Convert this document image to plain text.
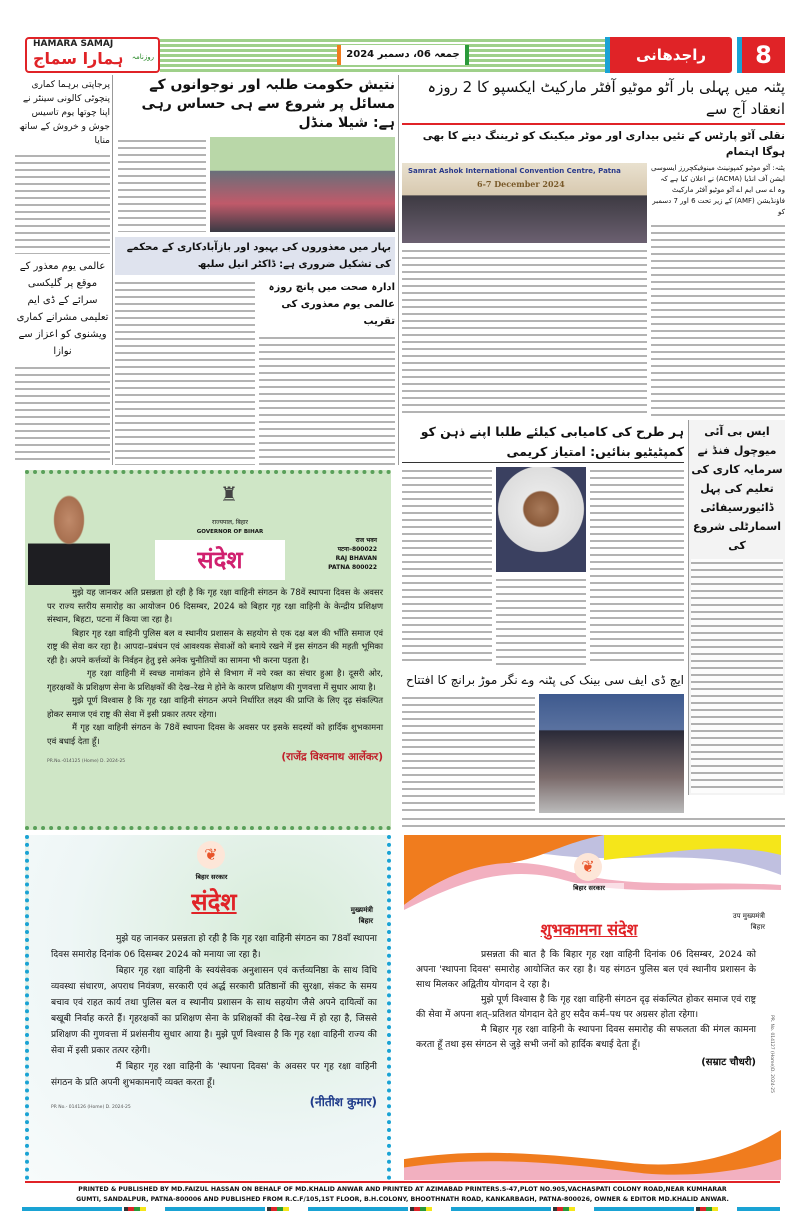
HAMARA SAMAJ
ہمارا سماج روزنامہ	جمعہ 06، دسمبر 2024	راجدھانی	8
پرجاپتی برہما کماری پنچوٹی کالونی سینٹر نے اپنا چوتھا یوم تاسیس جوش و خروش کے ساتھ منایا
عالمی یوم معذور کے موقع پر گلیکسی سرائے کے ڈی ایم تعلیمی مشرانے کماری ویشنوی کو اعزاز سے نوازا
نتیش حکومت طلبہ اور نوجوانوں کے مسائل پر شروع سے ہی حساس رہی ہے: شیلا منڈل
بہار میں معذوروں کی بہبود اور بازآبادکاری کے محکمے کی تشکیل ضروری ہے: ڈاکٹر انیل سلبھ
ادارہ صحت میں پانچ روزہ عالمی یوم معذوری کی تقریب
پٹنہ میں پہلی بار آٹو موٹیو آفٹر مارکیٹ ایکسپو کا 2 روزہ انعقاد آج سے
نقلی آٹو پارٹس کے تئیں بیداری اور موٹر میکینک کو ٹریننگ دینے کا بھی ہوگا اہتمام
Samrat Ashok International Convention Centre, Patna
6-7 December 2024
پٹنہ: آٹو موٹیو کمپونینٹ مینوفیکچررز ایسوسی ایشن آف انڈیا (ACMA) نے اعلان کیا ہے کہ وہ اے سی ایم اے آٹو موٹیو آفٹر مارکیٹ فاؤنڈیشن (AMF) کے زیر تحت 6 اور 7 دسمبر کو
ہر طرح کی کامیابی کیلئے طلبا اپنے ذہن کو کمپٹیٹیو بنائیں: امتیاز کریمی
ایس بی آئی میوچول فنڈ نے سرمایہ کاری کی تعلیم کی پہل ڈائیورسیفائی اسمارٹلی شروع کی
ایچ ڈی ایف سی بینک کی پٹنہ وے نگر موڑ برانچ کا افتتاح
♜
राज्यपाल, बिहार
GOVERNOR OF BIHAR
संदेश
राज भवन
पटना–800022
RAJ BHAVAN
PATNA 800022

मुझे यह जानकर अति प्रसन्नता हो रही है कि गृह रक्षा वाहिनी संगठन के 78वें स्थापना दिवस के अवसर पर राज्य स्तरीय समारोह का आयोजन 06 दिसम्बर, 2024 को बिहार गृह रक्षा वाहिनी के केन्द्रीय प्रशिक्षण संस्थान, बिहटा, पटना में किया जा रहा है।

बिहार गृह रक्षा वाहिनी पुलिस बल व स्थानीय प्रशासन के सहयोग से एक दक्ष बल की भाँति समाज एवं राष्ट्र की सेवा कर रहा है। आपदा–प्रबंधन एवं आवश्यक सेवाओं को बनाये रखने में इस संगठन की महती भूमिका रही है। अपने कर्त्तव्यों के निर्वहन हेतु इसे अनेक चुनौतियों का सामना भी करना पड़ता है।

गृह रक्षा वाहिनी में स्वच्छ नामांकन होने से विभाग में नये रक्त का संचार हुआ है। दूसरी ओर, गृहरक्षकों के प्रशिक्षण सेना के प्रशिक्षकों की देख–रेख मे होने के कारण प्रशिक्षण की गुणवत्ता में सुधार आया है।

मुझे पूर्ण विश्वास है कि गृह रक्षा वाहिनी संगठन अपने निर्धारित लक्ष्य की प्राप्ति के लिए दृढ़ संकल्पित होकर समाज एवं राष्ट्र की सेवा में इसी प्रकार तत्पर रहेगा।

मैं गृह रक्षा वाहिनी संगठन के 78वें स्थापना दिवस के अवसर पर इसके सदस्यों को हार्दिक शुभकामना एवं बधाई देता हूँ।

PR.No.-014125 (Home) D. 2024-25	(राजेंद्र विश्वनाथ आर्लेकर)
❦
बिहार सरकार
संदेश	मुख्यमंत्री
बिहार

मुझे यह जानकर प्रसन्नता हो रही है कि गृह रक्षा वाहिनी संगठन का 78वाँ स्थापना दिवस समारोह दिनांक 06 दिसम्बर 2024 को मनाया जा रहा है।

बिहार गृह रक्षा वाहिनी के स्वयंसेवक अनुशासन एवं कर्त्तव्यनिष्ठा के साथ विधि व्यवस्था संधारण, अपराध नियंत्रण, सरकारी एवं अर्द्ध सरकारी प्रतिष्ठानों की सुरक्षा, संकट के समय बचाव एवं राहत कार्य तथा पुलिस बल व स्थानीय प्रशासन के साथ सहयोग जैसे अपने दायित्वों का बखूबी निर्वाह करते हैं। गृहरक्षकों का प्रशिक्षण सेना के प्रशिक्षकों की देख–रेख में हो रहा है, जिससे प्रशिक्षण की गुणवत्ता में प्रशंसनीय सुधार आया है। मुझे पूर्ण विश्वास है कि गृह रक्षा वाहिनी राज्य की सेवा में इसी प्रकार तत्पर रहेगी।

मैं बिहार गृह रक्षा वाहिनी के 'स्थापना दिवस' के अवसर पर गृह रक्षा वाहिनी संगठन के प्रति अपनी शुभकामनाएँ व्यक्त करता हूँ।

PR No.- 014126 (Home) D. 2024-25	(नीतीश कुमार)
❦
बिहार सरकार
शुभकामना संदेश
उप मुख्यमंत्री
बिहार

प्रसन्नता की बात है कि बिहार गृह रक्षा वाहिनी दिनांक 06 दिसम्बर, 2024 को अपना 'स्थापना दिवस' समारोह आयोजित कर रहा है। यह संगठन पुलिस बल एवं स्थानीय प्रशासन के साथ मिलकर अद्वितीय योगदान दे रहा है।

मुझे पूर्ण विश्वास है कि गृह रक्षा वाहिनी संगठन दृढ़ संकल्पित होकर समाज एवं राष्ट्र की सेवा में अपना शत्–प्रतिशत योगदान देते हुए सदैव कर्म–पथ पर अग्रसर होता रहेगा।

मै बिहार गृह रक्षा वाहिनी के स्थापना दिवस समारोह की सफलता की मंगल कामना करता हूँ तथा इस संगठन से जुड़े सभी जनों को हार्दिक बधाई देता हूँ।

(सम्राट चौधरी)	PR. No. 014127 (Home)D. 2024-25
PRINTED & PUBLISHED BY MD.FAIZUL HASSAN ON BEHALF OF MD.KHALID ANWAR AND PRINTED AT AZIMABAD PRINTERS.S-47,PLOT NO.905,VACHASPATI COLONY ROAD,NEAR KUMHARAR
GUMTI, SANDALPUR, PATNA-800006 AND PUBLISHED FROM R.C.F/105,1ST FLOOR, B.H.COLONY, BHOOTHNATH ROAD, KANKARBAGH, PATNA-800026, OWNER & EDITOR MD.KHALID ANWAR.
